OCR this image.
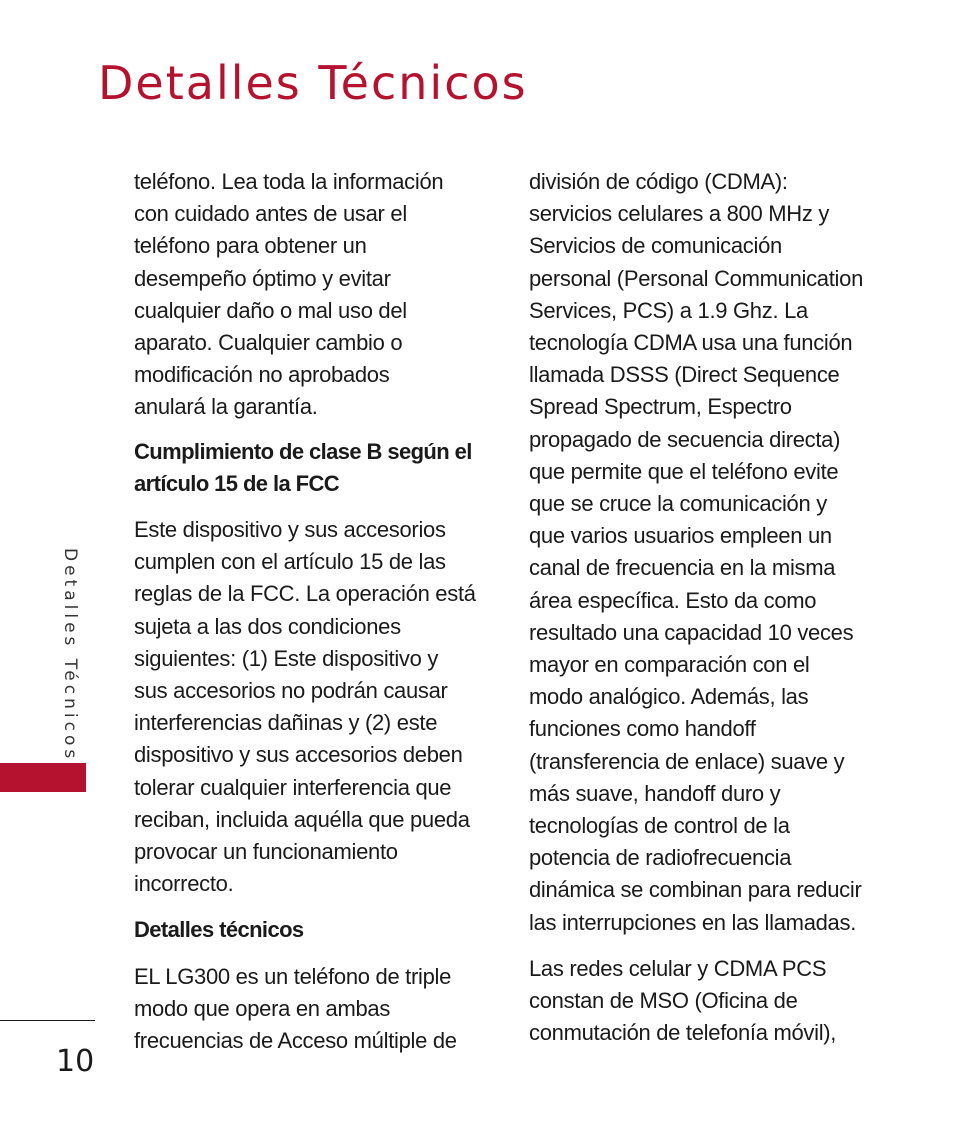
Detalles Técnicos
teléfono. Lea toda la información
con cuidado antes de usar el
teléfono para obtener un
desempeño óptimo y evitar
cualquier daño o mal uso del
aparato. Cualquier cambio o
modificación no aprobados
anulará la garantía.
Cumplimiento de clase B según el
artículo 15 de la FCC
Este dispositivo y sus accesorios
cumplen con el artículo 15 de las
reglas de la FCC. La operación está
sujeta a las dos condiciones
siguientes: (1) Este dispositivo y
sus accesorios no podrán causar
interferencias dañinas y (2) este
dispositivo y sus accesorios deben
tolerar cualquier interferencia que
reciban, incluida aquélla que pueda
provocar un funcionamiento
incorrecto.
Detalles técnicos
EL LG300 es un teléfono de triple
modo que opera en ambas
frecuencias de Acceso múltiple de
división de código (CDMA):
servicios celulares a 800 MHz y
Servicios de comunicación
personal (Personal Communication
Services, PCS) a 1.9 Ghz. La
tecnología CDMA usa una función
llamada DSSS (Direct Sequence
Spread Spectrum, Espectro
propagado de secuencia directa)
que permite que el teléfono evite
que se cruce la comunicación y
que varios usuarios empleen un
canal de frecuencia en la misma
área específica. Esto da como
resultado una capacidad 10 veces
mayor en comparación con el
modo analógico. Además, las
funciones como handoff
(transferencia de enlace) suave y
más suave, handoff duro y
tecnologías de control de la
potencia de radiofrecuencia
dinámica se combinan para reducir
las interrupciones en las llamadas.
Las redes celular y CDMA PCS
constan de MSO (Oficina de
conmutación de telefonía móvil),
Detalles Técnicos
10
